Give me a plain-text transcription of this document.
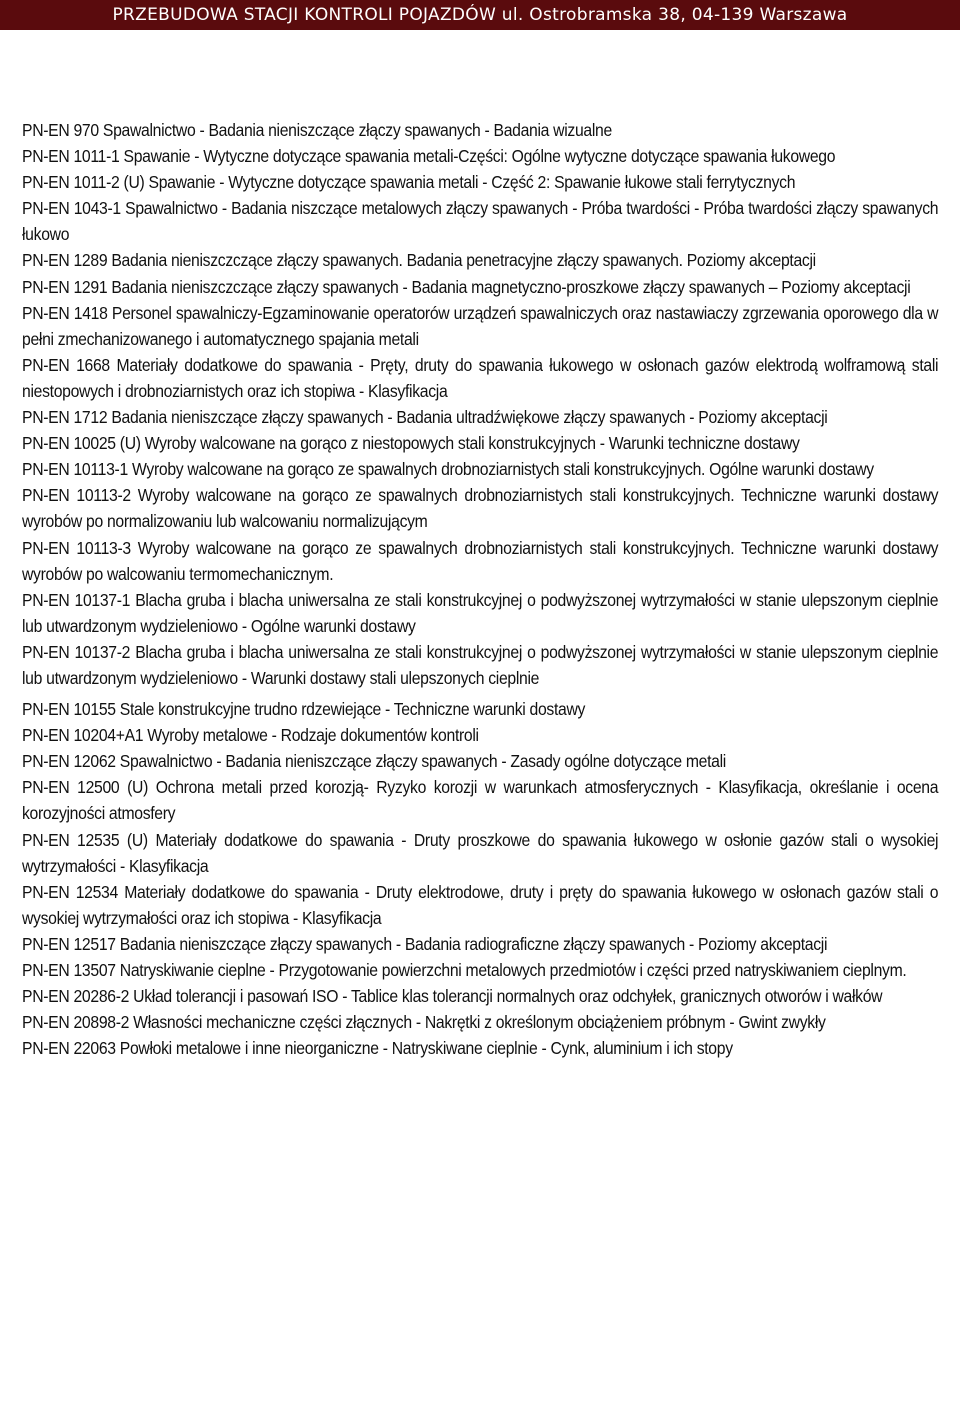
PRZEBUDOWA STACJI KONTROLI POJAZDÓW ul. Ostrobramska 38, 04-139 Warszawa

PN-EN 970 Spawalnictwo - Badania nieniszczące złączy spawanych - Badania wizualne

PN-EN 1011-1 Spawanie - Wytyczne dotyczące spawania metali-Części: Ogólne wytyczne dotyczące spawania łukowego

PN-EN 1011-2 (U) Spawanie - Wytyczne dotyczące spawania metali - Część 2: Spawanie łukowe stali ferrytycznych

PN-EN 1043-1 Spawalnictwo - Badania niszczące metalowych złączy spawanych - Próba twardości - Próba twardości złączy spawanych łukowo

PN-EN 1289 Badania nieniszczczące złączy spawanych. Badania penetracyjne złączy spawanych. Poziomy akceptacji

PN-EN 1291 Badania nieniszczczące złączy spawanych - Badania magnetyczno-proszkowe złączy spawanych – Poziomy akceptacji

PN-EN 1418 Personel spawalniczy-Egzaminowanie operatorów urządzeń spawalniczych oraz nastawiaczy zgrzewania oporowego dla w pełni zmechanizowanego i automatycznego spajania metali

PN-EN 1668 Materiały dodatkowe do spawania - Pręty, druty do spawania łukowego w osłonach gazów elektrodą wolframową stali niestopowych i drobnoziarnistych oraz ich stopiwa - Klasyfikacja

PN-EN 1712 Badania nieniszczące złączy spawanych - Badania ultradźwiękowe złączy spawanych - Poziomy akceptacji

PN-EN 10025 (U) Wyroby walcowane na gorąco z niestopowych stali konstrukcyjnych - Warunki techniczne dostawy

PN-EN 10113-1 Wyroby walcowane na gorąco ze spawalnych drobnoziarnistych stali konstrukcyjnych. Ogólne warunki dostawy

PN-EN 10113-2 Wyroby walcowane na gorąco ze spawalnych drobnoziarnistych stali konstrukcyjnych. Techniczne warunki dostawy wyrobów po normalizowaniu lub walcowaniu normalizującym

PN-EN 10113-3 Wyroby walcowane na gorąco ze spawalnych drobnoziarnistych stali konstrukcyjnych. Techniczne warunki dostawy wyrobów po walcowaniu termomechanicznym.

PN-EN 10137-1 Blacha gruba i blacha uniwersalna ze stali konstrukcyjnej o podwyższonej wytrzymałości w stanie ulepszonym cieplnie lub utwardzonym wydzieleniowo - Ogólne warunki dostawy

PN-EN 10137-2 Blacha gruba i blacha uniwersalna ze stali konstrukcyjnej o podwyższonej wytrzymałości w stanie ulepszonym cieplnie lub utwardzonym wydzieleniowo - Warunki dostawy stali ulepszonych cieplnie

PN-EN 10155 Stale konstrukcyjne trudno rdzewiejące - Techniczne warunki dostawy

PN-EN 10204+A1 Wyroby metalowe - Rodzaje dokumentów kontroli

PN-EN 12062 Spawalnictwo - Badania nieniszczące złączy spawanych - Zasady ogólne dotyczące metali

PN-EN 12500 (U) Ochrona metali przed korozją- Ryzyko korozji w warunkach atmosferycznych - Klasyfikacja, określanie i ocena korozyjności atmosfery

PN-EN 12535 (U) Materiały dodatkowe do spawania - Druty proszkowe do spawania łukowego w osłonie gazów stali o wysokiej wytrzymałości - Klasyfikacja

PN-EN 12534 Materiały dodatkowe do spawania - Druty elektrodowe, druty i pręty do spawania łukowego w osłonach gazów stali o wysokiej wytrzymałości oraz ich stopiwa - Klasyfikacja

PN-EN 12517 Badania nieniszczące złączy spawanych - Badania radiograficzne złączy spawanych - Poziomy akceptacji

PN-EN 13507 Natryskiwanie cieplne - Przygotowanie powierzchni metalowych przedmiotów i części przed natryskiwaniem cieplnym.

PN-EN 20286-2 Układ tolerancji i pasowań ISO - Tablice klas tolerancji normalnych oraz odchyłek, granicznych otworów i wałków

PN-EN 20898-2 Własności mechaniczne części złącznych - Nakrętki z określonym obciążeniem próbnym - Gwint zwykły

PN-EN 22063 Powłoki metalowe i inne nieorganiczne - Natryskiwane cieplnie - Cynk, aluminium i ich stopy
